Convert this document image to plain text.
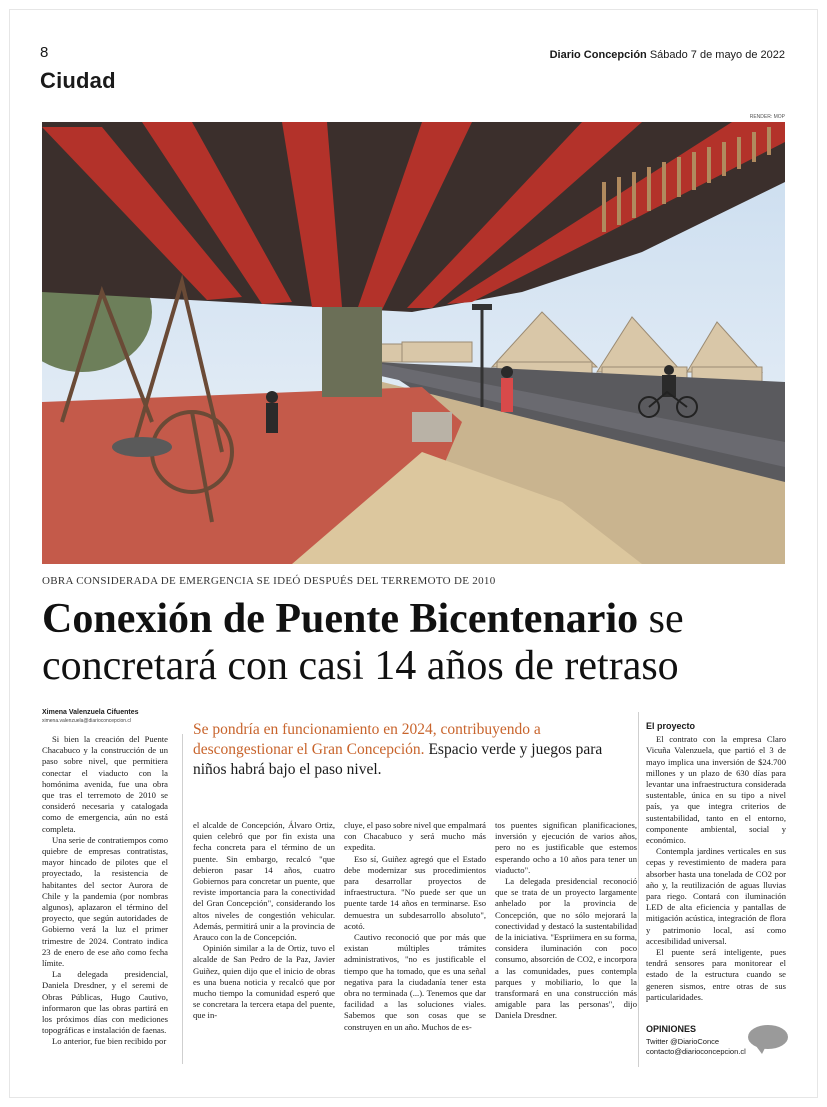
8	Diario Concepción Sábado 7 de mayo de 2022
Ciudad
RENDER: MOP
OBRA CONSIDERADA DE EMERGENCIA SE IDEÓ DESPUÉS DEL TERREMOTO DE 2010
Conexión de Puente Bicentenario se
concretará con casi 14 años de retraso
Ximena Valenzuela Cifuentes
ximena.valenzuela@diarioconcepcion.cl	Se pondría en funcionamiento en 2024, contribuyendo a descongestionar el Gran Concepción. Espacio verde y juegos para niños habrá bajo el paso nivel.

Si bien la creación del Puente Chacabuco y la construcción de un paso sobre nivel, que permitiera conectar el viaducto con la homónima avenida, fue una obra que tras el terremoto de 2010 se consideró necesaria y catalogada como de emergencia, aún no está completa.

Una serie de contratiempos como quiebre de empresas contratistas, mayor hincado de pilotes que el proyectado, la resistencia de habitantes del sector Aurora de Chile y la pandemia (por nombras algunos), aplazaron el término del proyecto, que según autoridades de Gobierno verá la luz el primer trimestre de 2024. Contrato indica 23 de enero de ese año como fecha límite.

La delegada presidencial, Daniela Dresdner, y el seremi de Obras Públicas, Hugo Cautivo, informaron que las obras partirá en los próximos días con mediciones topográficas e instalación de faenas.

Lo anterior, fue bien recibido por

el alcalde de Concepción, Álvaro Ortiz, quien celebró que por fin exista una fecha concreta para el término de un puente. Sin embargo, recalcó "que debieron pasar 14 años, cuatro Gobiernos para concretar un puente, que reviste importancia para la conectividad del Gran Concepción", considerando los altos niveles de congestión vehicular. Además, permitirá unir a la provincia de Arauco con la de Concepción.

Opinión similar a la de Ortiz, tuvo el alcalde de San Pedro de la Paz, Javier Guiñez, quien dijo que el inicio de obras es una buena noticia y recalcó que por mucho tiempo la comunidad esperó que se concretara la tercera etapa del puente, que in-

cluye, el paso sobre nivel que empalmará con Chacabuco y será mucho más expedita.

Eso sí, Guiñez agregó que el Estado debe modernizar sus procedimientos para desarrollar proyectos de infraestructura. "No puede ser que un puente tarde 14 años en terminarse. Eso demuestra un subdesarrollo absoluto", acotó.

Cautivo reconoció que por más que existan múltiples trámites administrativos, "no es justificable el tiempo que ha tomado, que es una señal negativa para la ciudadanía tener esta obra no terminada (...). Tenemos que dar facilidad a las soluciones viales. Sabemos que son cosas que se construyen en un año. Muchos de es-

tos puentes significan planificaciones, inversión y ejecución de varios años, pero no es justificable que estemos esperando ocho a 10 años para tener un viaducto".

La delegada presidencial reconoció que se trata de un proyecto largamente anhelado por la provincia de Concepción, que no sólo mejorará la conectividad y destacó la sustentabilidad de la iniciativa. "Espriimera en su forma, considera iluminación con poco consumo, absorción de CO2, e incorpora a las comunidades, pues contempla parques y mobiliario, lo que la transformará en una construcción más amigable para las personas", dijo Daniela Dresdner.

El proyecto

El contrato con la empresa Claro Vicuña Valenzuela, que partió el 3 de mayo implica una inversión de $24.700 millones y un plazo de 630 días para levantar una infraestructura considerada sustentable, única en su tipo a nivel país, ya que integra criterios de sustentabilidad, tanto en el entorno, componente ambiental, social y económico.

Contempla jardines verticales en sus cepas y revestimiento de madera para absorber hasta una tonelada de CO2 por año y, la reutilización de aguas lluvias para riego. Contará con iluminación LED de alta eficiencia y pantallas de mitigación acústica, integración de flora y patrimonio local, así como accesibilidad universal.

El puente será inteligente, pues tendrá sensores para monitorear el estado de la estructura cuando se generen sismos, entre otras de sus particularidades.

OPINIONES
Twitter @DiarioConce
contacto@diarioconcepcion.cl
